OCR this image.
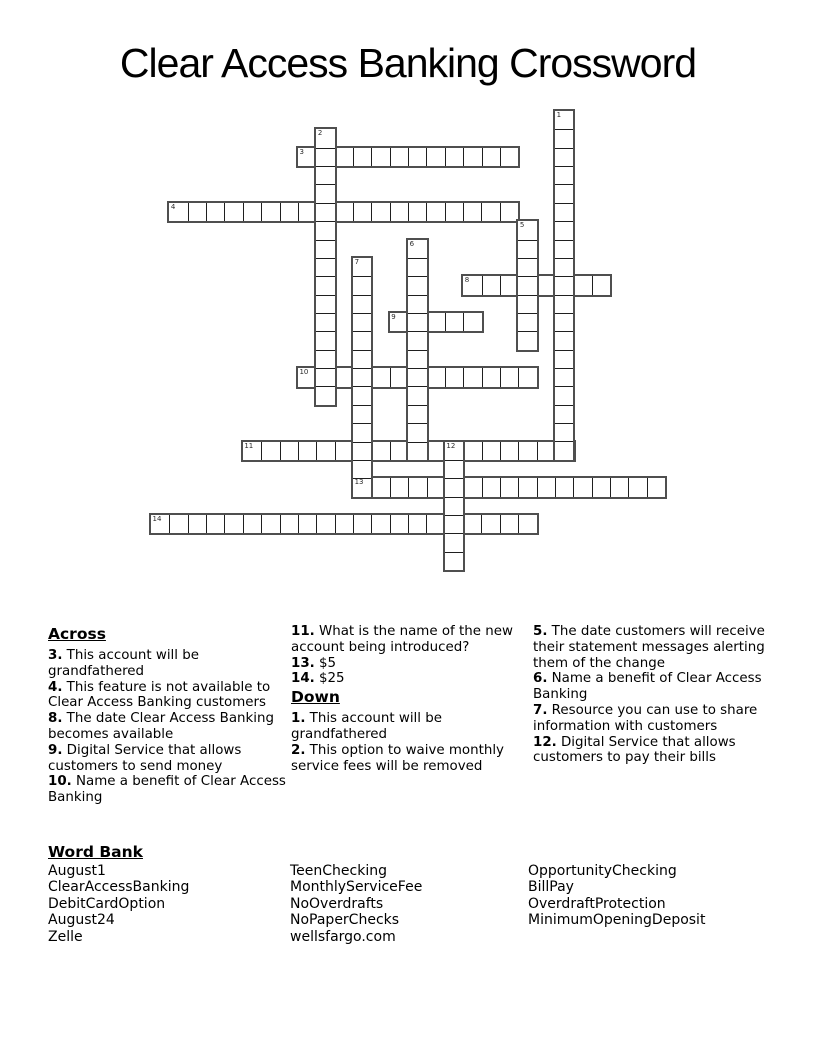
Clear Access Banking Crossword
1
2
3
4
5
6
7
8
9
10
11	12
13
14
Across

3. This account will be grandfathered

4. This feature is not available to Clear Access Banking customers

8. The date Clear Access Banking becomes available

9. Digital Service that allows customers to send money

10. Name a benefit of Clear Access Banking

11. What is the name of the new account being introduced?

13. $5

14. $25

Down

1. This account will be grandfathered

2. This option to waive monthly service fees will be removed

5. The date customers will receive their statement messages alerting them of the change

6. Name a benefit of Clear Access Banking

7. Resource you can use to share information with customers

12. Digital Service that allows customers to pay their bills

Word Bank
August1
ClearAccessBanking
DebitCardOption
August24
Zelle
TeenChecking
MonthlyServiceFee
NoOverdrafts
NoPaperChecks
wellsfargo.com
OpportunityChecking
BillPay
OverdraftProtection
MinimumOpeningDeposit
